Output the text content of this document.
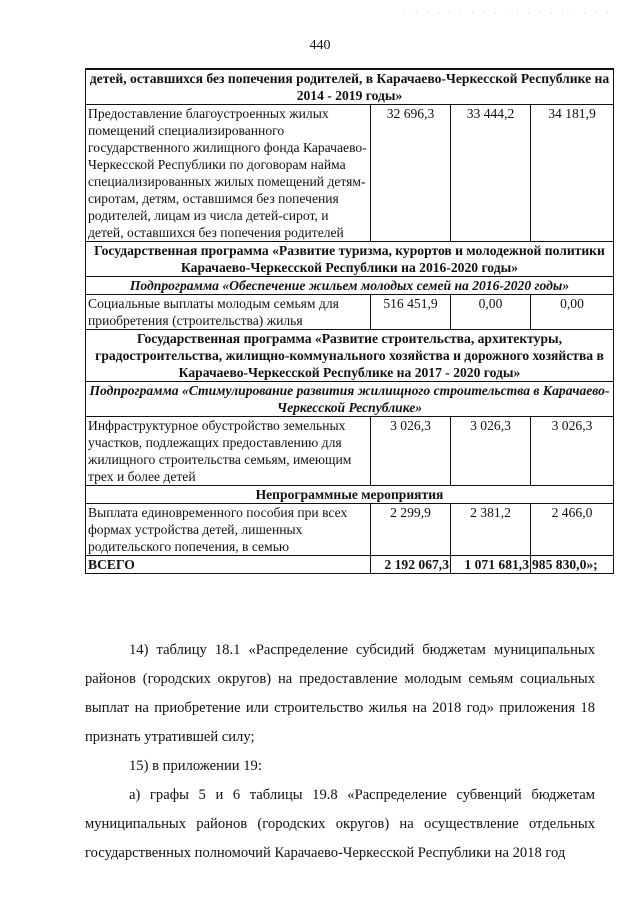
· · · · · · · · · · · · · · · · · · ·
440
детей, оставшихся без попечения родителей, в Карачаево-Черкесской Республике на 2014 - 2019 годы»			
Предоставление благоустроенных жилых помещений специализированного государственного жилищного фонда Карачаево-Черкесской Республики по договорам найма специализированных жилых помещений детям-сиротам, детям, оставшимся без попечения родителей, лицам из числа детей-сирот, и детей, оставшихся без попечения родителей	32 696,3	33 444,2	34 181,9
Государственная программа «Развитие туризма, курортов и молодежной политики Карачаево-Черкесской Республики на 2016-2020 годы»			
Подпрограмма «Обеспечение жильем молодых семей на 2016-2020 годы»			
Социальные выплаты молодым семьям для приобретения (строительства) жилья	516 451,9	0,00	0,00
Государственная программа «Развитие строительства, архитектуры, градостроительства, жилищно-коммунального хозяйства и дорожного хозяйства в Карачаево-Черкесской Республике на 2017 - 2020 годы»			
Подпрограмма «Стимулирование развития жилищного строительства в Карачаево-Черкесской Республике»			
Инфраструктурное обустройство земельных участков, подлежащих предоставлению для жилищного строительства семьям, имеющим трех и более детей	3 026,3	3 026,3	3 026,3
Непрограммные мероприятия			
Выплата единовременного пособия при всех формах устройства детей, лишенных родительского попечения, в семью	2 299,9	2 381,2	2 466,0
ВСЕГО	2 192 067,3	1 071 681,3	985 830,0»;

14) таблицу 18.1 «Распределение субсидий бюджетам муниципальных районов (городских округов) на предоставление молодым семьям социальных выплат на приобретение или строительство жилья на 2018 год» приложения 18 признать утратившей силу;

15) в приложении 19:

а) графы 5 и 6 таблицы 19.8 «Распределение субвенций бюджетам муниципальных районов (городских округов) на осуществление отдельных государственных полномочий Карачаево-Черкесской Республики на 2018 год
